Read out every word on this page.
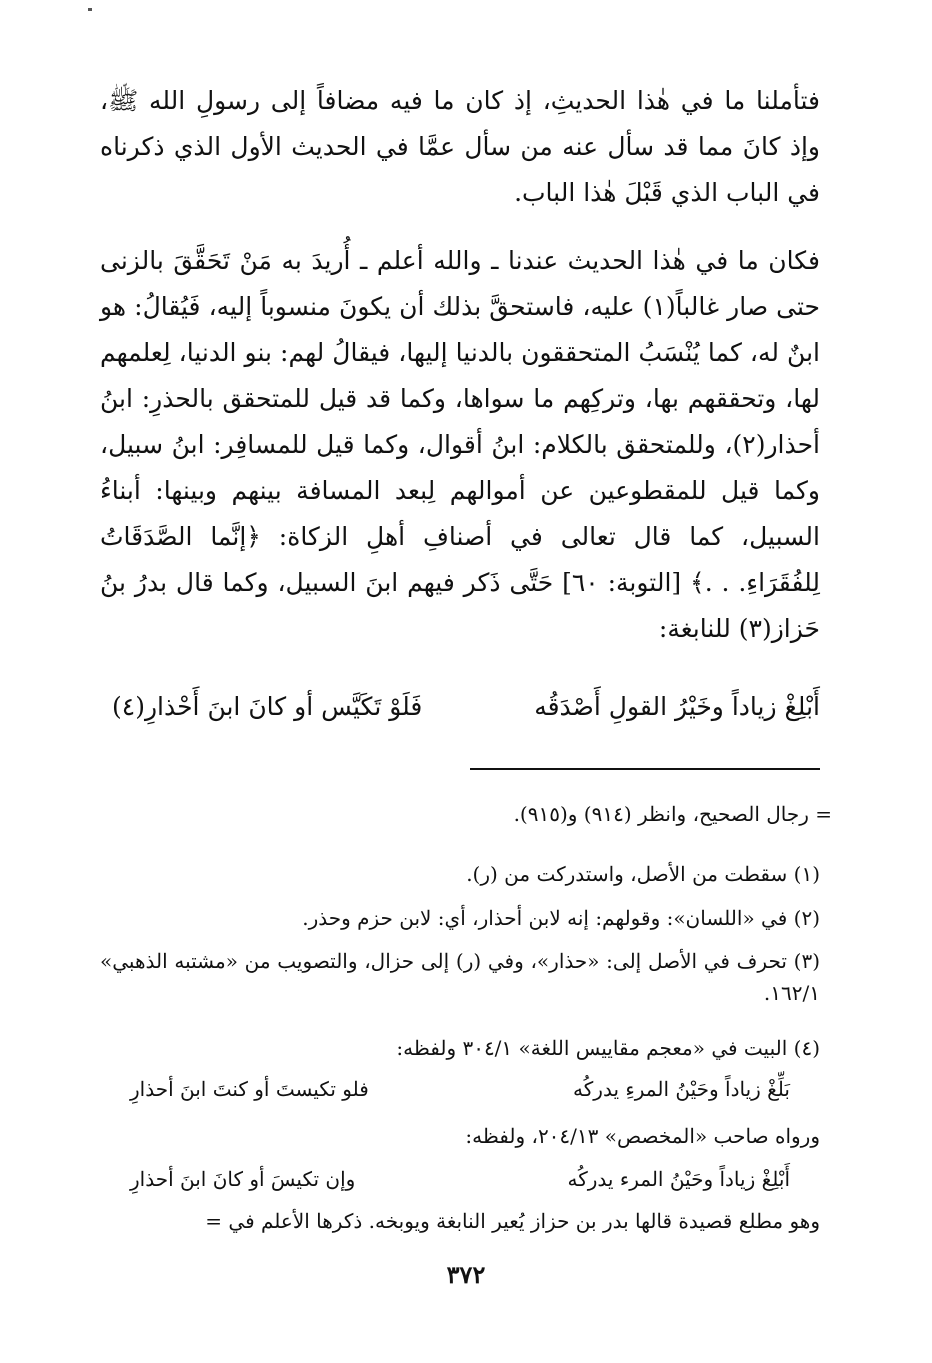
فتأملنا ما في هٰذا الحديثِ، إذ كان ما فيه مضافاً إلى رسولِ الله ﷺ، وإذ كانَ مما قد سأل عنه من سأل عمَّا في الحديث الأول الذي ذكرناه في الباب الذي قَبْلَ هٰذا الباب.

فكان ما في هٰذا الحديث عندنا ـ والله أعلم ـ أُريدَ به مَنْ تَحَقَّقَ بالزنى حتى صار غالباً(١) عليه، فاستحقَّ بذلك أن يكونَ منسوباً إليه، فَيُقالُ: هو ابنٌ له، كما يُنْسَبُ المتحققون بالدنيا إليها، فيقالُ لهم: بنو الدنيا، لِعلمهم لها، وتحققهم بها، وتركِهم ما سواها، وكما قد قيل للمتحقق بالحذرِ: ابنُ أحذار(٢)، وللمتحقق بالكلام: ابنُ أقوال، وكما قيل للمسافِر: ابنُ سبيل، وكما قيل للمقطوعين عن أموالهم لِبعد المسافة بينهم وبينها: أبناءُ السبيل، كما قال تعالى في أصنافِ أهلِ الزكاة: ﴿إنَّما الصَّدَقَاتُ لِلفُقَرَاءِ. . .﴾ [التوبة: ٦٠] حَتَّى ذَكر فيهم ابنَ السبيل، وكما قال بدرُ بنُ حَزاز(٣) للنابغة:

أَبْلِغْ زياداً وخَيْرُ القولِ أَصْدَقُه
فَلَوْ تَكَيَّس أو كانَ ابنَ أَحْذارِ(٤)

= رجال الصحيح، وانظر (٩١٤) و(٩١٥).

(١) سقطت من الأصل، واستدركت من (ر).

(٢) في «اللسان»: وقولهم: إنه لابن أحذار، أي: لابن حزم وحذر.

(٣) تحرف في الأصل إلى: «حذار»، وفي (ر) إلى حزال، والتصويب من «مشتبه الذهبي» ١٦٢/١.

(٤) البيت في «معجم مقاييس اللغة» ٣٠٤/١ ولفظه:

بَلِّغْ زياداً وحَيْنُ المرءِ يدركُه
فلو تكيستَ أو كنتَ ابنَ أحذارِ

ورواه صاحب «المخصص» ٢٠٤/١٣، ولفظه:

أَبْلِغْ زياداً وحَيْنُ المرء يدركُه
وإن تكيسَ أو كانَ ابنَ أحذارِ

وهو مطلع قصيدة قالها بدر بن حزاز يُعير النابغة ويوبخه. ذكرها الأعلم في =

٣٧٢
